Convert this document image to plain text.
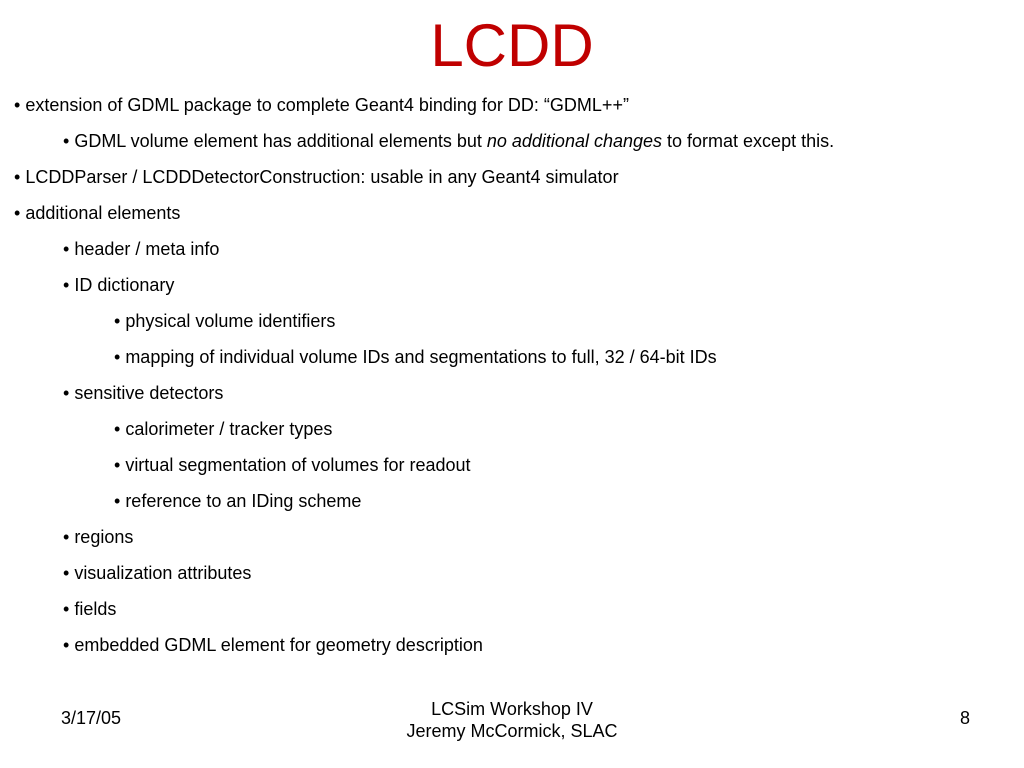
LCDD
• extension of GDML package to complete Geant4 binding for DD: “GDML++”
• GDML volume element has additional elements but no additional changes to format except this.
• LCDDParser / LCDDDetectorConstruction: usable in any Geant4 simulator
• additional elements
• header / meta info
• ID dictionary
• physical volume identifiers
• mapping of individual volume IDs and segmentations to full, 32 / 64-bit IDs
• sensitive detectors
• calorimeter / tracker types
• virtual segmentation of volumes for readout
• reference to an IDing scheme
• regions
• visualization attributes
• fields
• embedded GDML element for geometry description
3/17/05	LCSim Workshop IV
Jeremy McCormick, SLAC
8
